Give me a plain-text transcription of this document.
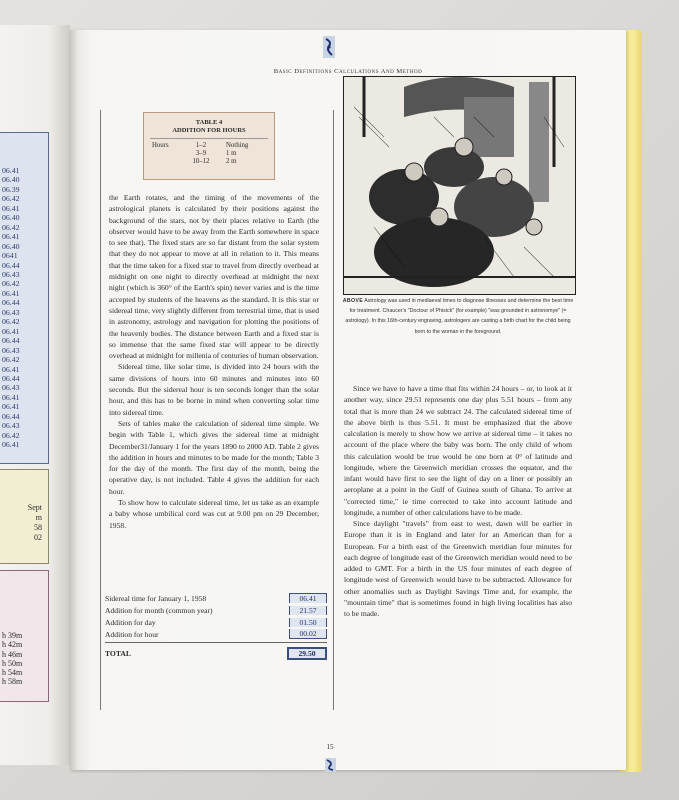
06.41
06.40
06.39
06.42
06.41
06.40
06.42
06.41
06.40
0641
06.44
06.43
06.42
06.41
06.44
06.43
06.42
06.41
06.44
06.43
06.42
06.41
06.44
06.43
06.41
06.41
06.44
06.43
06.42
06.41
Sept
m
58
02
h 39m
h 42m
h 46m
h 50m
h 54m
h 58m
Basic Definitions Calculations And Method
TABLE 4
ADDITION FOR HOURS
Hours	1–2	Nothing
3–9	1 m
10–12	2 m

the Earth rotates, and the timing of the movements of the astrological planets is calculated by their positions against the background of the stars, not by their places relative to Earth (the observer would have to be away from the Earth somewhere in space to see that). The fixed stars are so far distant from the solar system that they do not appear to move at all in relation to it. This means that the time taken for a fixed star to travel from directly overhead at midnight on one night to directly overhead at midnight the next night (which is 360° of the Earth's spin) never varies and is the time accepted by students of the heavens as the standard. It is this star or sidereal time, very slightly different from terrestrial time, that is used in astronomy, astrology and navigation for plotting the positions of the heavenly bodies. The distance between Earth and a fixed star is so immense that the same fixed star will appear to be directly overhead at midnight for millenia of centuries of human observation.

Sidereal time, like solar time, is divided into 24 hours with the same divisions of hours into 60 minutes and minutes into 60 seconds. But the sidereal hour is ten seconds longer than the solar hour, and this has to be borne in mind when converting solar time into sidereal time.

Sets of tables make the calculation of sidereal time simple. We begin with Table 1, which gives the sidereal time at midnight December31/January 1 for the years 1890 to 2000 AD. Table 2 gives the addition in hours and minutes to be made for the month; Table 3 for the day of the month. The first day of the month, being the operative day, is not included. Table 4 gives the addition for each hour.

To show how to calculate sidereal time, let us take as an example a baby whose umbilical cord was cut at 9.00 pm on 29 December, 1958.

Sidereal time for January 1, 1958	06.41
Addition for month (common year)	21.57
Addition for day	01.50
Addition for hour	00.02
TOTAL	29.50
ABOVE Astrology was used in mediaeval times to diagnose illnesses and determine the best time for treatment. Chaucer's "Doctour of Phisick" (for example) "was grounded in astronomye" (= astrology). In this 16th-century engraving, astrologers are casting a birth chart for the child being born to the woman in the foreground.

Since we have to have a time that fits within 24 hours – or, to look at it another way, since 29.51 represents one day plus 5.51 hours – from any total that is more than 24 we subtract 24. The calculated sidereal time of the above birth is thus 5.51. It must be emphasized that the above calculation is merely to show how we arrive at sidereal time – it takes no account of the place where the baby was born. The only child of whom this calculation would be true would be one born at 0° of latitude and longitude, where the Greenwich meridian crosses the equator, and the infant would have first to see the light of day on a liner or possibly an aeroplane at a point in the Gulf of Guinea south of Ghana. To arrive at "corrected time," ie time corrected to take into account latitude and longitude, a number of other calculations have to be made.

Since daylight "travels" from east to west, dawn will be earlier in Europe than it is in England and later for an American than for a European. For a birth east of the Greenwich meridian four minutes for each degree of longitude east of the Greenwich meridian would need to be added to GMT. For a birth in the US four minutes of each degree of longitude west of Greenwich would have to be subtracted. Allowance for other anomalies such as Daylight Savings Time and, for example, the "mountain time" that is sometimes found in high living localities has also to be made.

15
